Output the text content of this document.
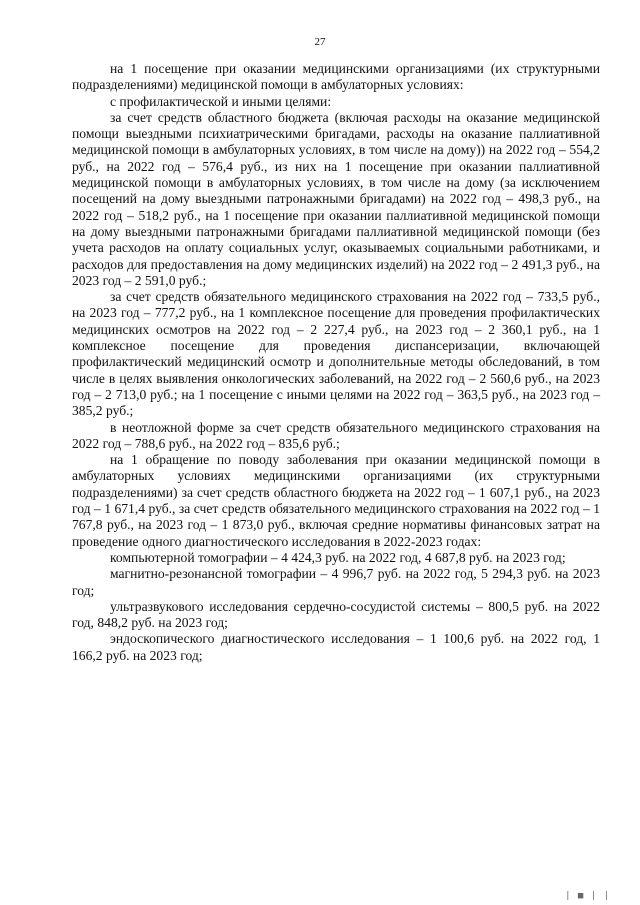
27

на 1 посещение при оказании медицинскими организациями (их структурными подразделениями) медицинской помощи в амбулаторных условиях:

с профилактической и иными целями:

за счет средств областного бюджета (включая расходы на оказание медицинской помощи выездными психиатрическими бригадами, расходы на оказание паллиативной медицинской помощи в амбулаторных условиях, в том числе на дому)) на 2022 год – 554,2 руб., на 2022 год – 576,4 руб., из них на 1 посещение при оказании паллиативной медицинской помощи в амбулаторных условиях, в том числе на дому (за исключением посещений на дому выездными патронажными бригадами) на 2022 год – 498,3 руб., на 2022 год – 518,2 руб., на 1 посещение при оказании паллиативной медицинской помощи на дому выездными патронажными бригадами паллиативной медицинской помощи (без учета расходов на оплату социальных услуг, оказываемых социальными работниками, и расходов для предоставления на дому медицинских изделий) на 2022 год – 2 491,3 руб., на 2023 год – 2 591,0 руб.;

за счет средств обязательного медицинского страхования на 2022 год – 733,5 руб., на 2023 год – 777,2 руб., на 1 комплексное посещение для проведения профилактических медицинских осмотров на 2022 год – 2 227,4 руб., на 2023 год – 2 360,1 руб., на 1 комплексное посещение для проведения диспансеризации, включающей профилактический медицинский осмотр и дополнительные методы обследований, в том числе в целях выявления онкологических заболеваний, на 2022 год – 2 560,6 руб., на 2023 год – 2 713,0 руб.; на 1 посещение с иными целями на 2022 год – 363,5 руб., на 2023 год – 385,2 руб.;

в неотложной форме за счет средств обязательного медицинского страхования на 2022 год – 788,6 руб., на 2022 год – 835,6 руб.;

на 1 обращение по поводу заболевания при оказании медицинской помощи в амбулаторных условиях медицинскими организациями (их структурными подразделениями) за счет средств областного бюджета на 2022 год – 1 607,1 руб., на 2023 год – 1 671,4 руб., за счет средств обязательного медицинского страхования на 2022 год – 1 767,8 руб., на 2023 год – 1 873,0 руб., включая средние нормативы финансовых затрат на проведение одного диагностического исследования в 2022-2023 годах:

компьютерной томографии – 4 424,3 руб. на 2022 год, 4 687,8 руб. на 2023 год;

магнитно-резонансной томографии – 4 996,7 руб. на 2022 год, 5 294,3 руб. на 2023 год;

ультразвукового исследования сердечно-сосудистой системы – 800,5 руб. на 2022 год, 848,2 руб. на 2023 год;

эндоскопического диагностического исследования – 1 100,6 руб. на 2022 год, 1 166,2 руб. на 2023 год;

| ■ | |
